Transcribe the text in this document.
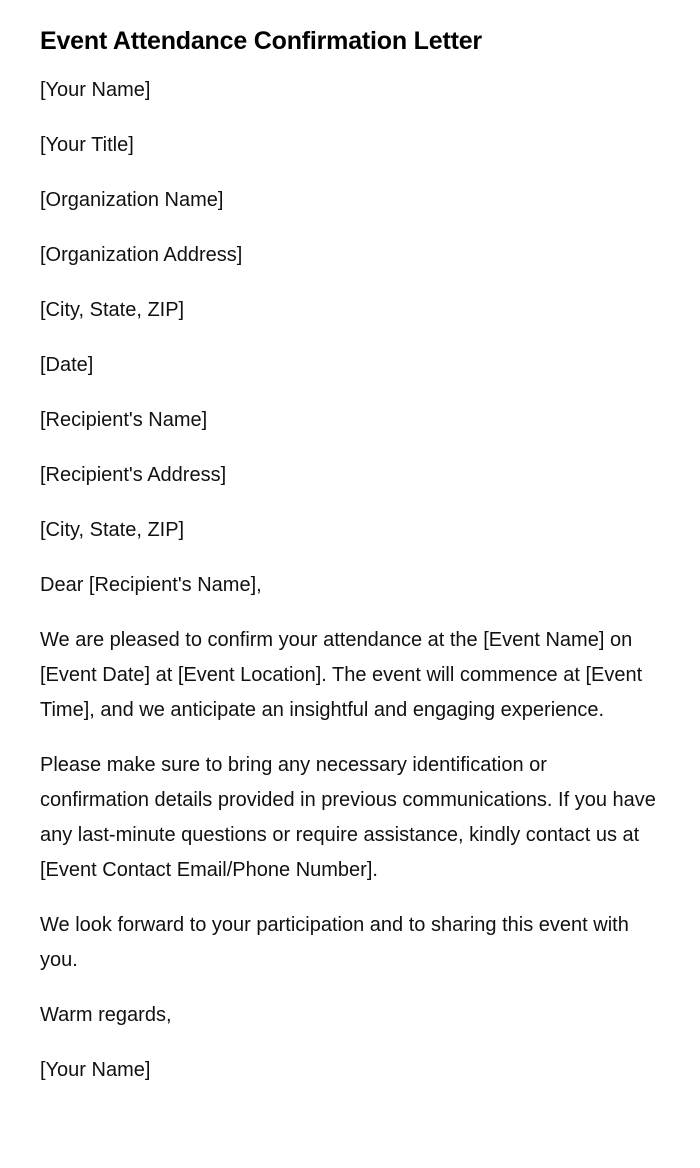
Event Attendance Confirmation Letter

[Your Name]

[Your Title]

[Organization Name]

[Organization Address]

[City, State, ZIP]

[Date]

[Recipient's Name]

[Recipient's Address]

[City, State, ZIP]

Dear [Recipient's Name],

We are pleased to confirm your attendance at the [Event Name] on [Event Date] at [Event Location]. The event will commence at [Event Time], and we anticipate an insightful and engaging experience.

Please make sure to bring any necessary identification or confirmation details provided in previous communications. If you have any last-minute questions or require assistance, kindly contact us at [Event Contact Email/Phone Number].

We look forward to your participation and to sharing this event with you.

Warm regards,

[Your Name]
